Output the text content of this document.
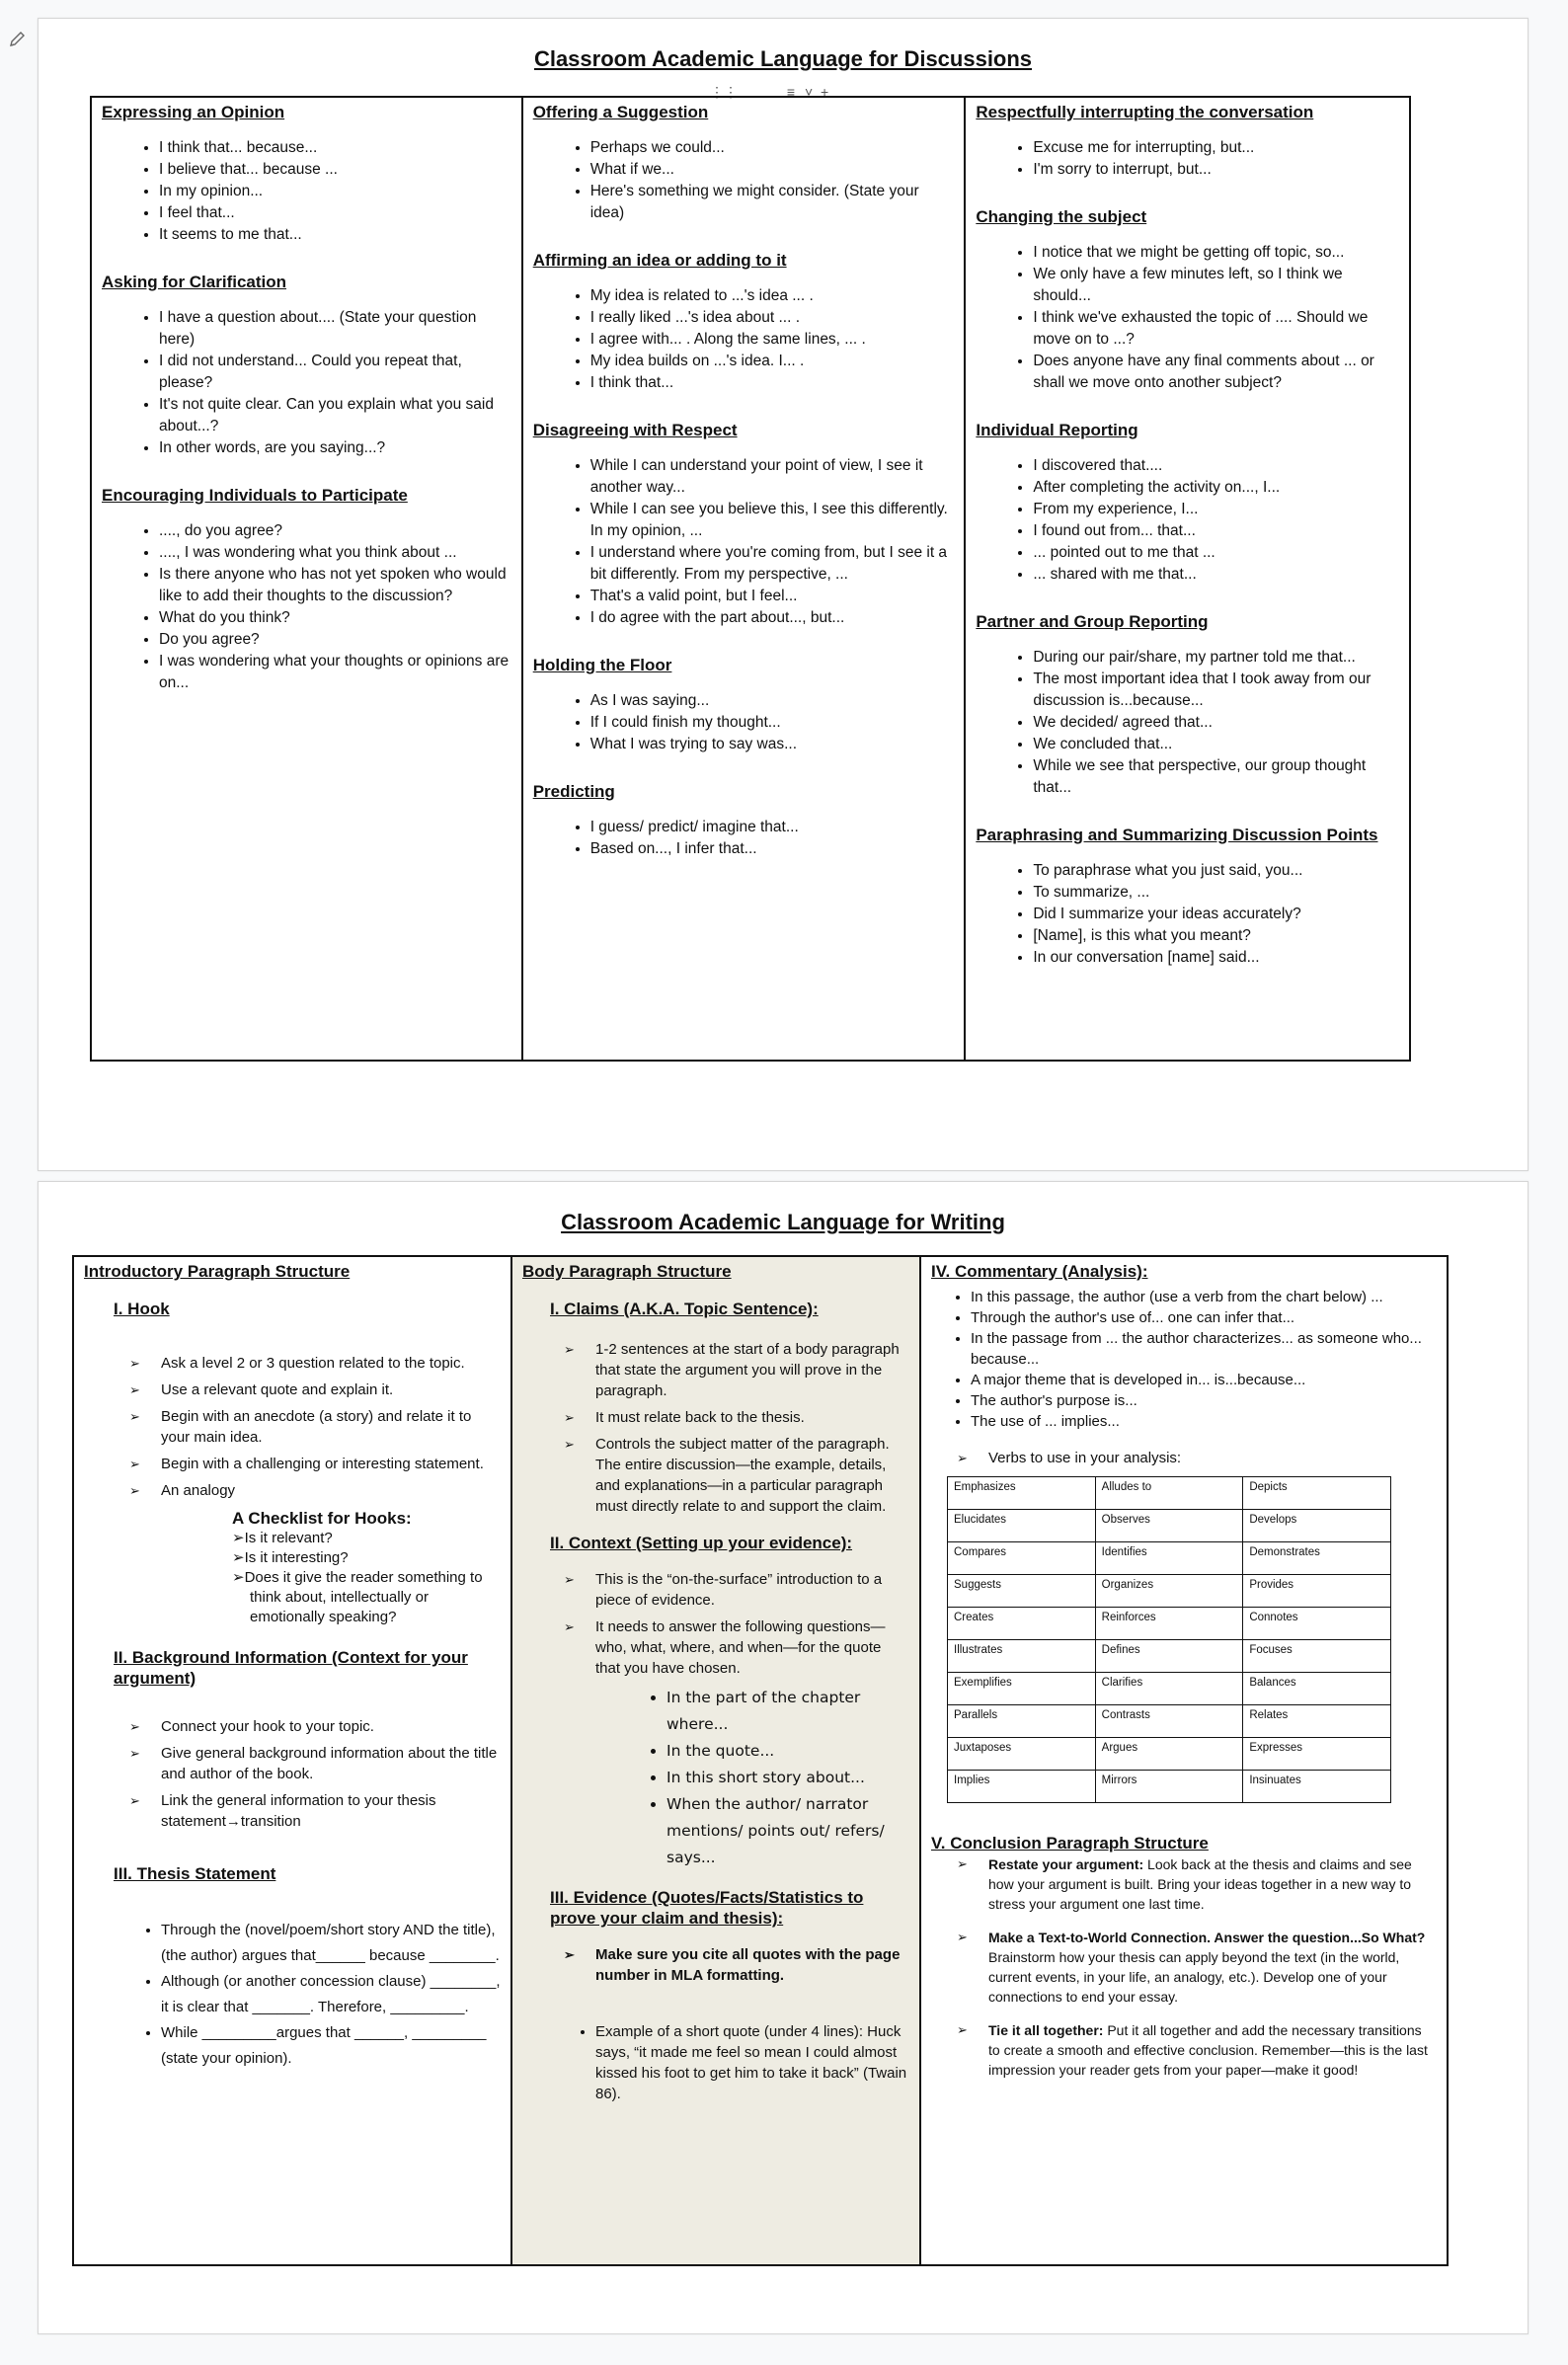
Classroom Academic Language for Discussions
⋮⋮	≡ ˅ +
Expressing an Opinion
• I think that... because...
• I believe that... because ...
• In my opinion...
• I feel that...
• It seems to me that...
Asking for Clarification
• I have a question about.... (State your question here)
• I did not understand... Could you repeat that, please?
• It's not quite clear. Can you explain what you said about...?
• In other words, are you saying...?
Encouraging Individuals to Participate
• ...., do you agree?
• ...., I was wondering what you think about ...
• Is there anyone who has not yet spoken who would like to add their thoughts to the discussion?
• What do you think?
• Do you agree?
• I was wondering what your thoughts or opinions are on...
Offering a Suggestion
• Perhaps we could...
• What if we...
• Here's something we might consider. (State your idea)
Affirming an idea or adding to it
• My idea is related to ...'s idea ... .
• I really liked ...'s idea about ... .
• I agree with... . Along the same lines, ... .
• My idea builds on ...'s idea. I... .
• I think that...
Disagreeing with Respect
• While I can understand your point of view, I see it another way...
• While I can see you believe this, I see this differently. In my opinion, ...
• I understand where you're coming from, but I see it a bit differently. From my perspective, ...
• That's a valid point, but I feel...
• I do agree with the part about..., but...
Holding the Floor
• As I was saying...
• If I could finish my thought...
• What I was trying to say was...
Predicting
• I guess/ predict/ imagine that...
• Based on..., I infer that...
Respectfully interrupting the conversation
• Excuse me for interrupting, but...
• I'm sorry to interrupt, but...
Changing the subject
• I notice that we might be getting off topic, so...
• We only have a few minutes left, so I think we should...
• I think we've exhausted the topic of .... Should we move on to ...?
• Does anyone have any final comments about ... or shall we move onto another subject?
Individual Reporting
• I discovered that....
• After completing the activity on..., I...
• From my experience, I...
• I found out from... that...
• ... pointed out to me that ...
• ... shared with me that...
Partner and Group Reporting
• During our pair/share, my partner told me that...
• The most important idea that I took away from our discussion is...because...
• We decided/ agreed that...
• We concluded that...
• While we see that perspective, our group thought that...
Paraphrasing and Summarizing Discussion Points
• To paraphrase what you just said, you...
• To summarize, ...
• Did I summarize your ideas accurately?
• [Name], is this what you meant?
• In our conversation [name] said...
Classroom Academic Language for Writing
Introductory Paragraph Structure
I. Hook
➢ Ask a level 2 or 3 question related to the topic.
➢ Use a relevant quote and explain it.
➢ Begin with an anecdote (a story) and relate it to your main idea.
➢ Begin with a challenging or interesting statement.
➢ An analogy
A Checklist for Hooks:
➢Is it relevant?
➢Is it interesting?
➢Does it give the reader something to think about, intellectually or emotionally speaking?
II. Background Information (Context for your argument)
➢ Connect your hook to your topic.
➢ Give general background information about the title and author of the book.
➢ Link the general information to your thesis statement→transition
III. Thesis Statement
• Through the (novel/poem/short story AND the title), (the author) argues that______ because ________.
• Although (or another concession clause) ________, it is clear that _______. Therefore, _________.
• While _________argues that ______, _________ (state your opinion).
Body Paragraph Structure
I. Claims (A.K.A. Topic Sentence):
➢ 1-2 sentences at the start of a body paragraph that state the argument you will prove in the paragraph.
➢ It must relate back to the thesis.
➢ Controls the subject matter of the paragraph. The entire discussion—the example, details, and explanations—in a particular paragraph must directly relate to and support the claim.
II. Context (Setting up your evidence):
➢ This is the “on-the-surface” introduction to a piece of evidence.
➢ It needs to answer the following questions—who, what, where, and when—for the quote that you have chosen.
• In the part of the chapter where...
• In the quote...
• In this short story about...
• When the author/ narrator mentions/ points out/ refers/ says...
III. Evidence (Quotes/Facts/Statistics to prove your claim and thesis):
➢ Make sure you cite all quotes with the page number in MLA formatting.
• Example of a short quote (under 4 lines): Huck says, “it made me feel so mean I could almost kissed his foot to get him to take it back” (Twain 86).
IV. Commentary (Analysis):
• In this passage, the author (use a verb from the chart below) ...
• Through the author's use of... one can infer that...
• In the passage from ... the author characterizes... as someone who... because...
• A major theme that is developed in... is...because...
• The author's purpose is...
• The use of ... implies...
➢ Verbs to use in your analysis:
Emphasizes	Alludes to	Depicts
Elucidates	Observes	Develops
Compares	Identifies	Demonstrates
Suggests	Organizes	Provides
Creates	Reinforces	Connotes
Illustrates	Defines	Focuses
Exemplifies	Clarifies	Balances
Parallels	Contrasts	Relates
Juxtaposes	Argues	Expresses
Implies	Mirrors	Insinuates
V. Conclusion Paragraph Structure
➢ Restate your argument: Look back at the thesis and claims and see how your argument is built. Bring your ideas together in a new way to stress your argument one last time.
➢ Make a Text-to-World Connection. Answer the question...So What? Brainstorm how your thesis can apply beyond the text (in the world, current events, in your life, an analogy, etc.). Develop one of your connections to end your essay.
➢ Tie it all together: Put it all together and add the necessary transitions to create a smooth and effective conclusion. Remember—this is the last impression your reader gets from your paper—make it good!
